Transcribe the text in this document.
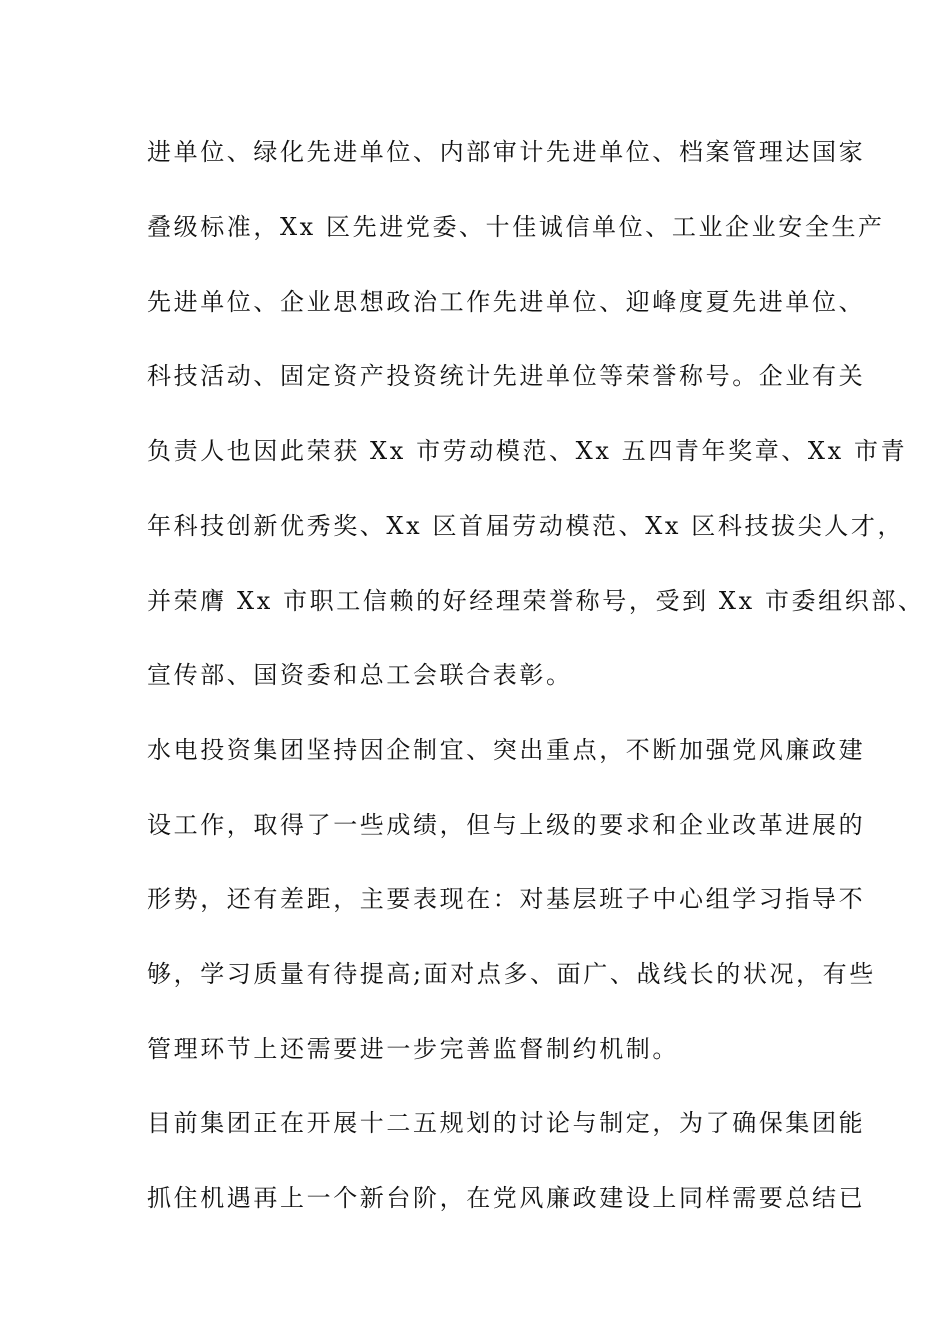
进单位、绿化先进单位、内部审计先进单位、档案管理达国家
叠级标准，Xx 区先进党委、十佳诚信单位、工业企业安全生产
先进单位、企业思想政治工作先进单位、迎峰度夏先进单位、
科技活动、固定资产投资统计先进单位等荣誉称号。企业有关
负责人也因此荣获 Xx 市劳动模范、Xx 五四青年奖章、Xx 市青
年科技创新优秀奖、Xx 区首届劳动模范、Xx 区科技拔尖人才，
并荣膺 Xx 市职工信赖的好经理荣誉称号，受到 Xx 市委组织部、
宣传部、国资委和总工会联合表彰。
水电投资集团坚持因企制宜、突出重点，不断加强党风廉政建
设工作，取得了一些成绩，但与上级的要求和企业改革进展的
形势，还有差距，主要表现在：对基层班子中心组学习指导不
够，学习质量有待提高;面对点多、面广、战线长的状况，有些
管理环节上还需要进一步完善监督制约机制。
目前集团正在开展十二五规划的讨论与制定，为了确保集团能
抓住机遇再上一个新台阶，在党风廉政建设上同样需要总结已
